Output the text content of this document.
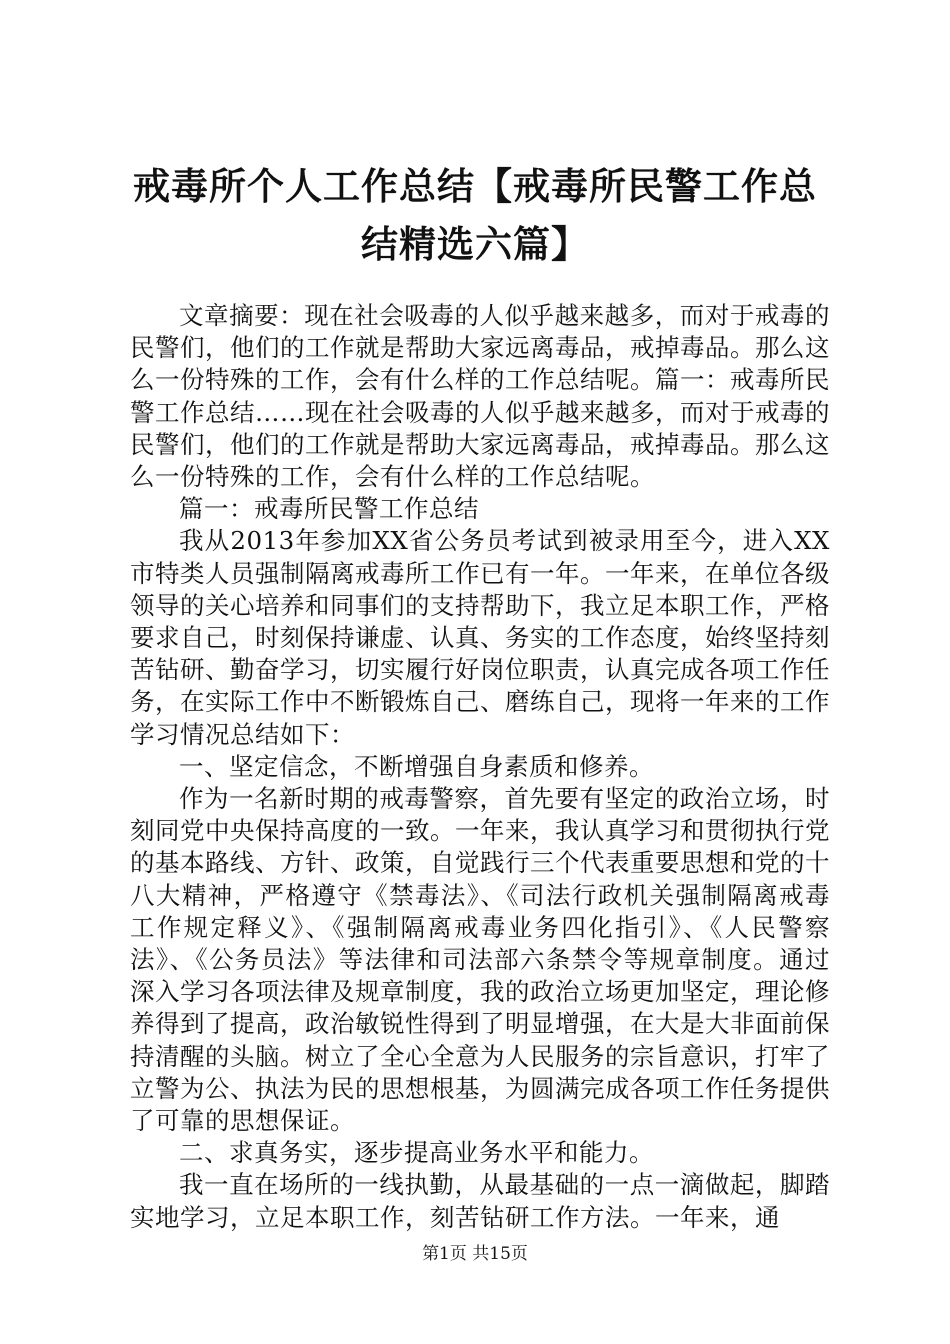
戒毒所个人工作总结【戒毒所民警工作总结精选六篇】

文章摘要：现在社会吸毒的人似乎越来越多，而对于戒毒的民警们，他们的工作就是帮助大家远离毒品，戒掉毒品。那么这么一份特殊的工作，会有什么样的工作总结呢。篇一：戒毒所民警工作总结……现在社会吸毒的人似乎越来越多，而对于戒毒的民警们，他们的工作就是帮助大家远离毒品，戒掉毒品。那么这么一份特殊的工作，会有什么样的工作总结呢。

篇一：戒毒所民警工作总结

我从2013年参加XX省公务员考试到被录用至今，进入XX市特类人员强制隔离戒毒所工作已有一年。一年来，在单位各级领导的关心培养和同事们的支持帮助下，我立足本职工作，严格要求自己，时刻保持谦虚、认真、务实的工作态度，始终坚持刻苦钻研、勤奋学习，切实履行好岗位职责，认真完成各项工作任务，在实际工作中不断锻炼自己、磨练自己，现将一年来的工作学习情况总结如下：

一、坚定信念，不断增强自身素质和修养。

作为一名新时期的戒毒警察，首先要有坚定的政治立场，时刻同党中央保持高度的一致。一年来，我认真学习和贯彻执行党的基本路线、方针、政策，自觉践行三个代表重要思想和党的十八大精神，严格遵守《禁毒法》、《司法行政机关强制隔离戒毒工作规定释义》、《强制隔离戒毒业务四化指引》、《人民警察法》、《公务员法》等法律和司法部六条禁令等规章制度。通过深入学习各项法律及规章制度，我的政治立场更加坚定，理论修养得到了提高，政治敏锐性得到了明显增强，在大是大非面前保持清醒的头脑。树立了全心全意为人民服务的宗旨意识，打牢了立警为公、执法为民的思想根基，为圆满完成各项工作任务提供了可靠的思想保证。

二、求真务实，逐步提高业务水平和能力。

我一直在场所的一线执勤，从最基础的一点一滴做起，脚踏实地学习，立足本职工作，刻苦钻研工作方法。一年来，通

第1页 共15页
